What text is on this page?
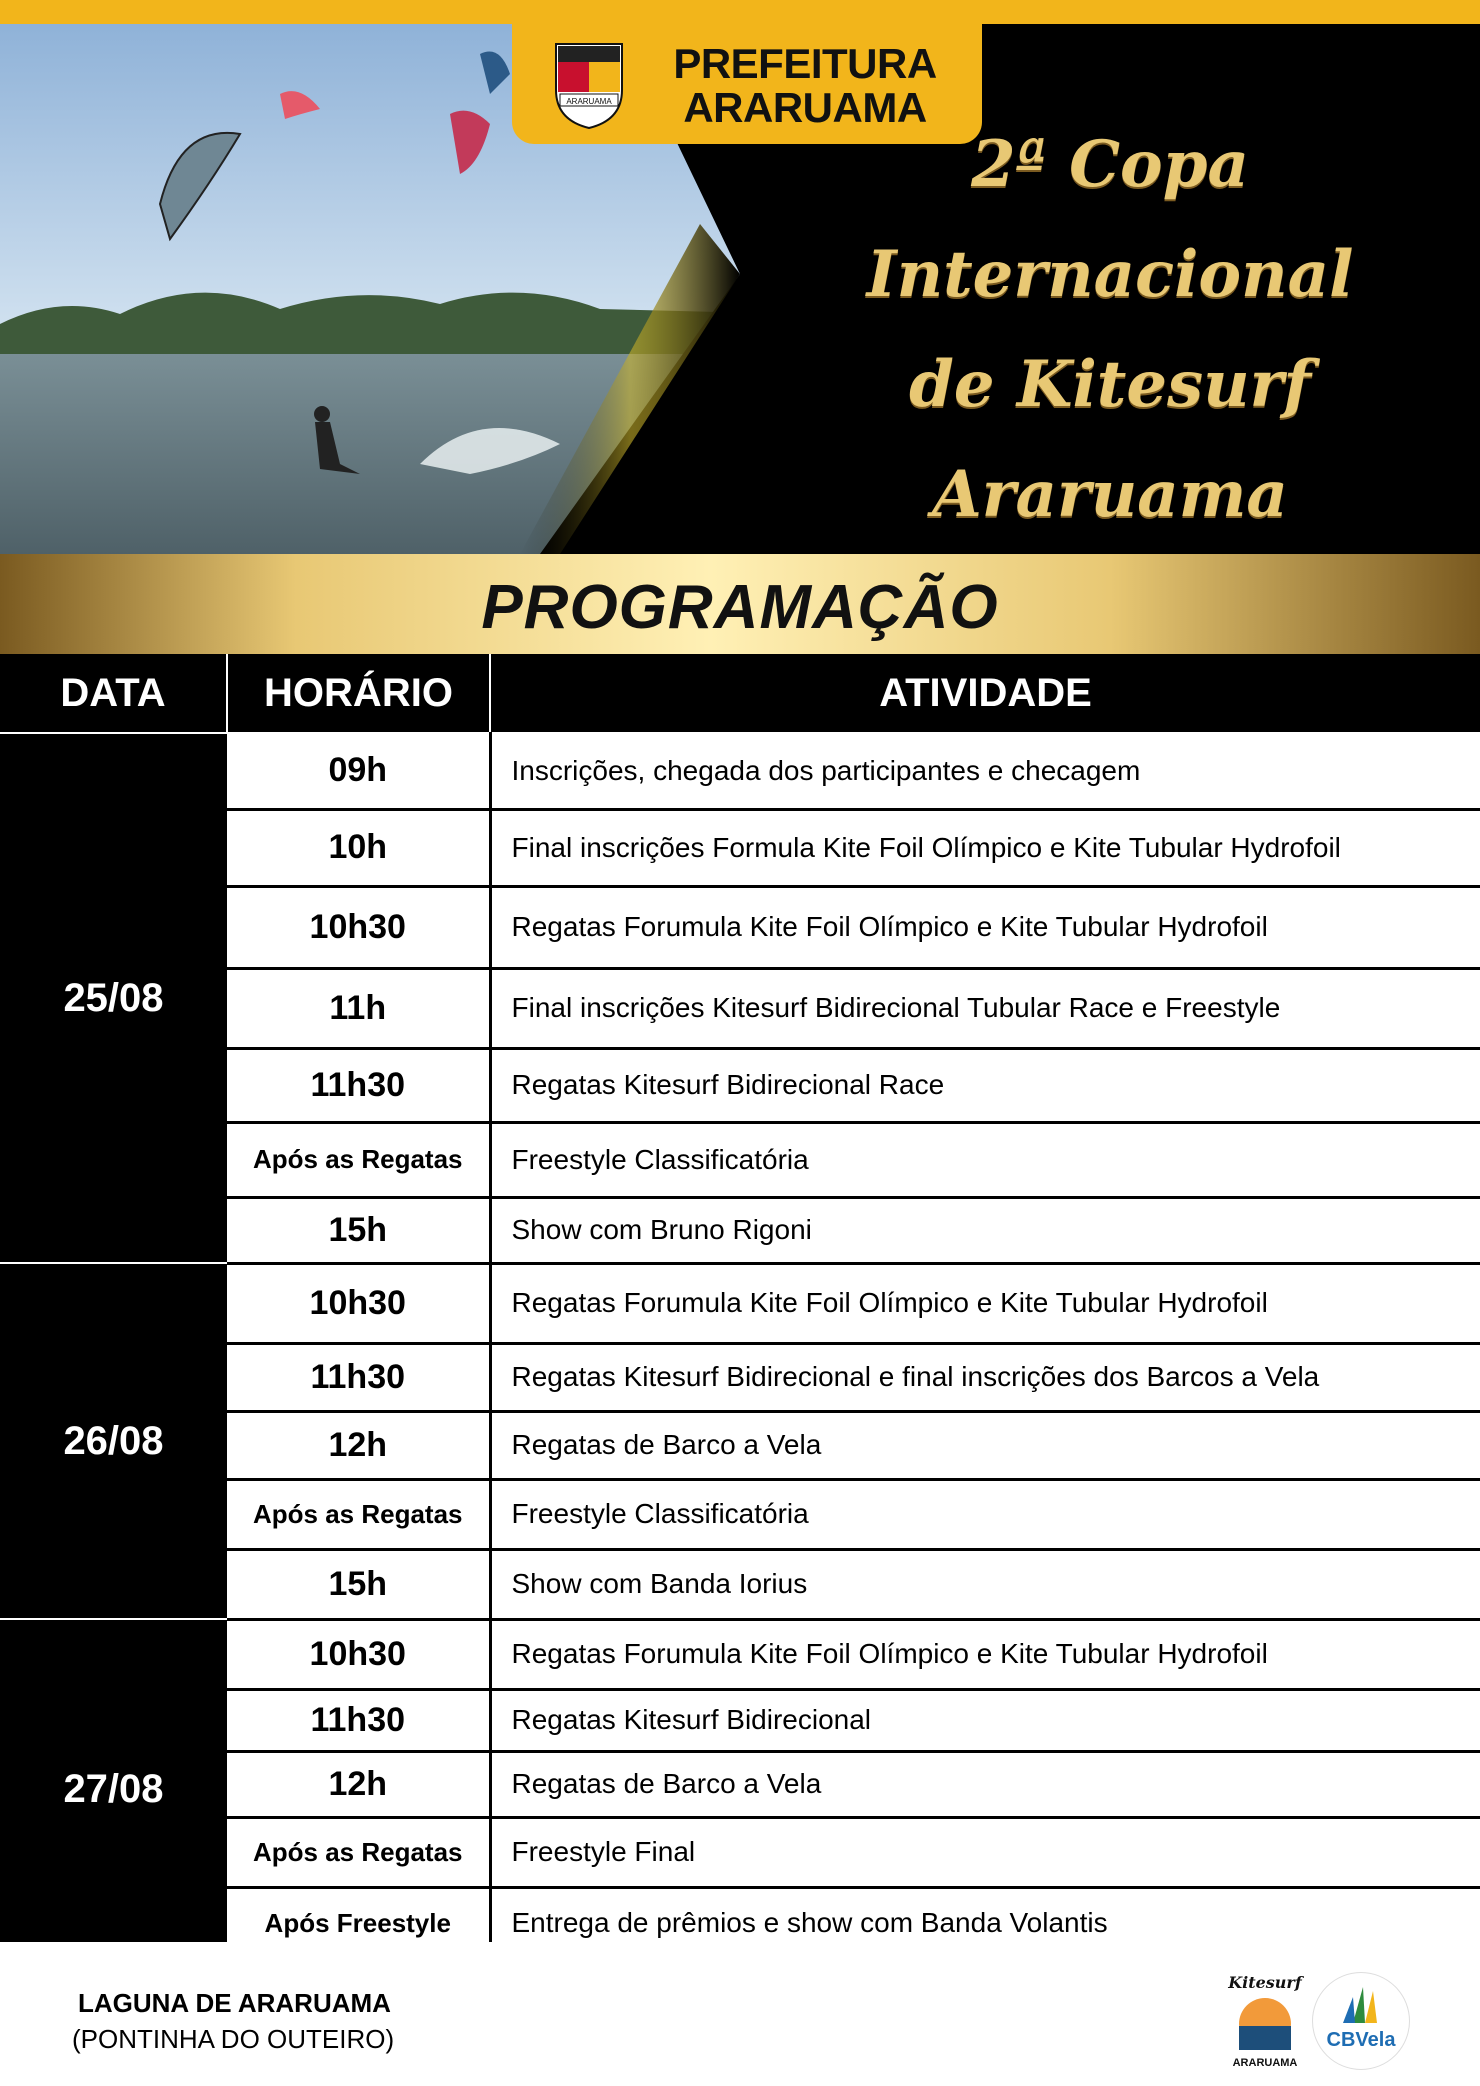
ARARUAMA
PREFEITURA
ARARUAMA
2ª Copa
Internacional
de Kitesurf
Araruama
PROGRAMAÇÃO
DATA	HORÁRIO	ATIVIDADE
25/08	09h	Inscrições, chegada dos participantes e checagem
	10h	Final inscrições Formula Kite Foil Olímpico e Kite Tubular Hydrofoil
	10h30	Regatas Forumula Kite Foil Olímpico e Kite Tubular Hydrofoil
	11h	Final inscrições Kitesurf Bidirecional Tubular Race e Freestyle
	11h30	Regatas Kitesurf Bidirecional Race
	Após as Regatas	Freestyle Classificatória
	15h	Show com Bruno Rigoni
26/08	10h30	Regatas Forumula Kite Foil Olímpico e Kite Tubular Hydrofoil
	11h30	Regatas Kitesurf Bidirecional e final inscrições dos Barcos a Vela
	12h	Regatas de Barco a Vela
	Após as Regatas	Freestyle Classificatória
	15h	Show com Banda Iorius
27/08	10h30	Regatas Forumula Kite Foil Olímpico e Kite Tubular Hydrofoil
	11h30	Regatas Kitesurf Bidirecional
	12h	Regatas de Barco a Vela
	Após as Regatas	Freestyle Final
	Após Freestyle	Entrega de prêmios e show com Banda Volantis
LAGUNA DE ARARUAMA
(PONTINHA DO OUTEIRO)
Kitesurf
ARARUAMA
CBVela
